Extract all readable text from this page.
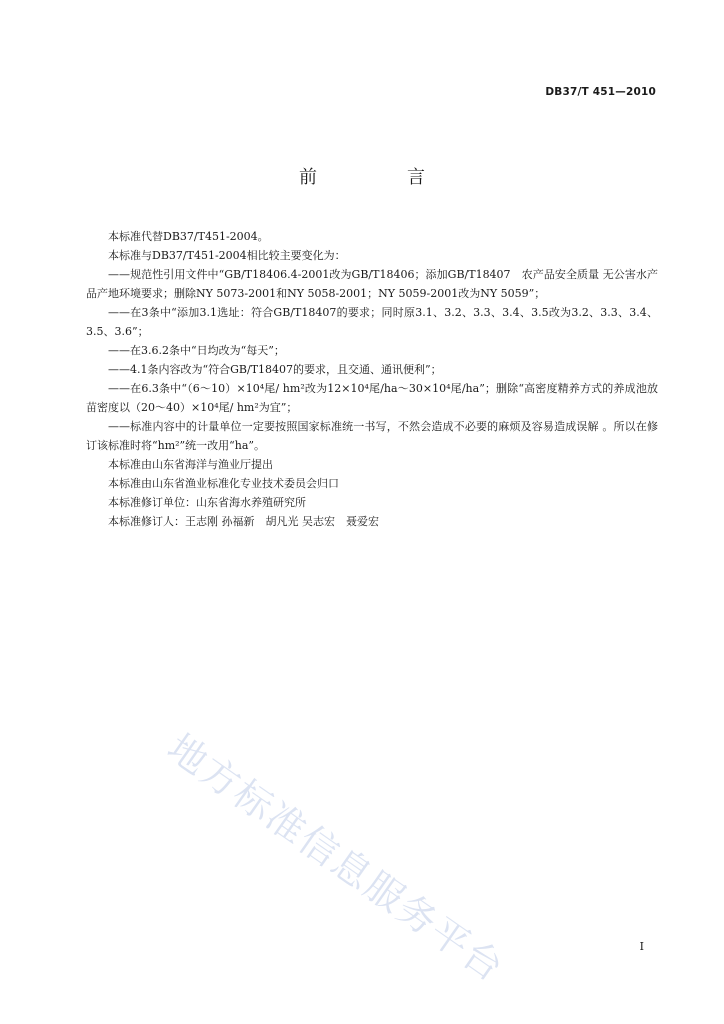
DB37/T 451—2010
前　言

本标准代替DB37/T451-2004。

本标准与DB37/T451-2004相比较主要变化为：

——规范性引用文件中“GB/T18406.4-2001改为GB/T18406；添加GB/T18407　农产品安全质量 无公害水产品产地环境要求；删除NY 5073-2001和NY 5058-2001；NY 5059-2001改为NY 5059”；

——在3条中“添加3.1选址：符合GB/T18407的要求；同时原3.1、3.2、3.3、3.4、3.5改为3.2、3.3、3.4、3.5、3.6”；

——在3.6.2条中“日均改为“每天”；

——4.1条内容改为“符合GB/T18407的要求，且交通、通讯便利”；

——在6.3条中“（6～10）×10⁴尾/ hm²改为12×10⁴尾/ha～30×10⁴尾/ha”；删除“高密度精养方式的养成池放苗密度以（20～40）×10⁴尾/ hm²为宜”；

——标准内容中的计量单位一定要按照国家标准统一书写，不然会造成不必要的麻烦及容易造成误解 。所以在修订该标准时将“hm²”统一改用“ha”。

本标准由山东省海洋与渔业厅提出

本标准由山东省渔业标准化专业技术委员会归口

本标准修订单位：山东省海水养殖研究所

本标准修订人：王志刚 孙福新　胡凡光 吴志宏　聂爱宏

地方标准信息服务平台	I
